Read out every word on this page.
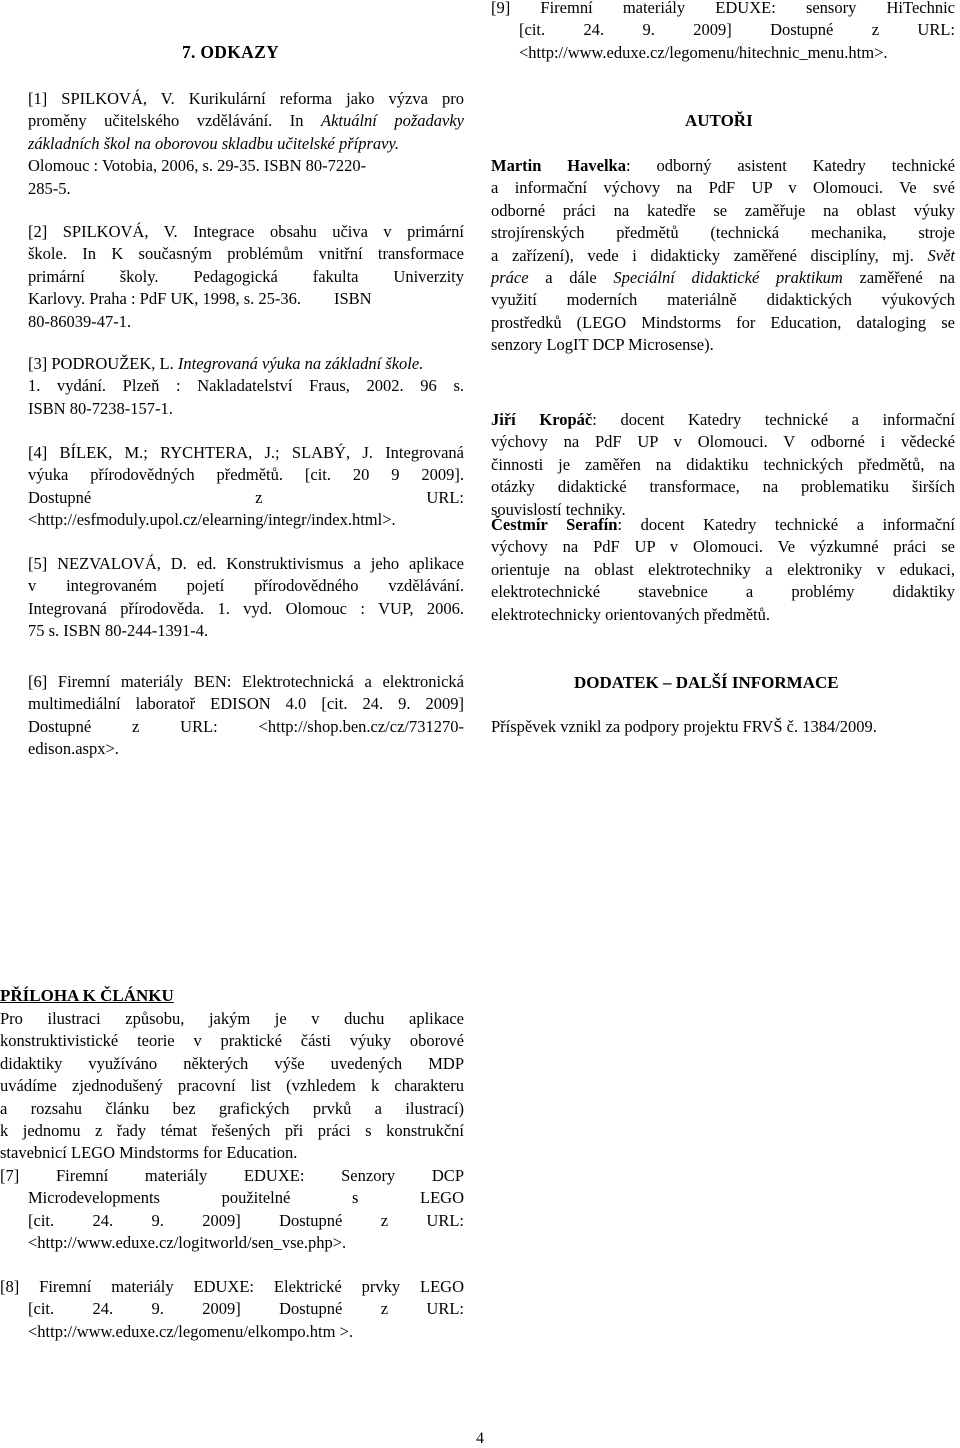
7. ODKAZY
[1] SPILKOVÁ, V. Kurikulární reforma jako výzva pro
proměny učitelského vzdělávání. In Aktuální požadavky
základních škol na oborovou skladbu učitelské přípravy.
Olomouc : Votobia, 2006, s. 29-35. ISBN 80-7220-
285-5.
[2] SPILKOVÁ, V. Integrace obsahu učiva v primární
škole. In K současným problémům vnitřní transformace
primární školy. Pedagogická fakulta Univerzity
Karlovy. Praha : PdF UK, 1998, s. 25-36.        ISBN
80-86039-47-1.
[3] PODROUŽEK, L. Integrovaná výuka na základní škole.
1. vydání. Plzeň : Nakladatelství Fraus, 2002. 96 s.
ISBN 80-7238-157-1.
[4] BÍLEK, M.; RYCHTERA, J.; SLABÝ, J. Integrovaná
výuka přírodovědných předmětů. [cit. 20 9 2009].
Dostupné z URL:
<http://esfmoduly.upol.cz/elearning/integr/index.html>.
[5] NEZVALOVÁ, D. ed. Konstruktivismus a jeho aplikace
v integrovaném pojetí přírodovědného vzdělávání.
Integrovaná přírodověda. 1. vyd. Olomouc : VUP, 2006.
75 s. ISBN 80-244-1391-4.
[6] Firemní materiály BEN: Elektrotechnická a elektronická
multimediální laboratoř EDISON 4.0 [cit. 24. 9. 2009]
Dostupné z URL: <http://shop.ben.cz/cz/731270-
edison.aspx>.
[9] Firemní materiály EDUXE: sensory HiTechnic
[cit. 24. 9. 2009] Dostupné z URL:
<http://www.eduxe.cz/legomenu/hitechnic_menu.htm>.
AUTOŘI
Martin Havelka: odborný asistent Katedry technické
a informační výchovy na PdF UP v Olomouci. Ve své
odborné práci na katedře se zaměřuje na oblast výuky
strojírenských předmětů (technická mechanika, stroje
a zařízení), vede i didakticky zaměřené disciplíny, mj. Svět
práce a dále Speciální didaktické praktikum zaměřené na
využití moderních materiálně didaktických výukových
prostředků (LEGO Mindstorms for Education, dataloging se
senzory LogIT DCP Microsense).
Jiří Kropáč: docent Katedry technické a informační
výchovy na PdF UP v Olomouci. V odborné i vědecké
činnosti je zaměřen na didaktiku technických předmětů, na
otázky didaktické transformace, na problematiku širších
souvislostí techniky.
Čestmír Serafín: docent Katedry technické a informační
výchovy na PdF UP v Olomouci. Ve výzkumné práci se
orientuje na oblast elektrotechniky a elektroniky v edukaci,
elektrotechnické stavebnice a problémy didaktiky
elektrotechnicky orientovaných předmětů.
DODATEK – DALŠÍ INFORMACE
Příspěvek vznikl za podpory projektu FRVŠ č. 1384/2009.
PŘÍLOHA K ČLÁNKU
Pro ilustraci způsobu, jakým je v duchu aplikace
konstruktivistické teorie v praktické části výuky oborové
didaktiky využíváno některých výše uvedených MDP
uvádíme zjednodušený pracovní list (vzhledem k charakteru
a rozsahu článku bez grafických prvků a ilustrací)
k jednomu z řady témat řešených při práci s konstrukční
stavebnicí LEGO Mindstorms for Education.
[7] Firemní materiály EDUXE: Senzory DCP
Microdevelopments použitelné s LEGO
[cit. 24. 9. 2009] Dostupné z URL:
<http://www.eduxe.cz/logitworld/sen_vse.php>.
[8] Firemní materiály EDUXE: Elektrické prvky LEGO
[cit. 24. 9. 2009] Dostupné z URL:
<http://www.eduxe.cz/legomenu/elkompo.htm >.
4
